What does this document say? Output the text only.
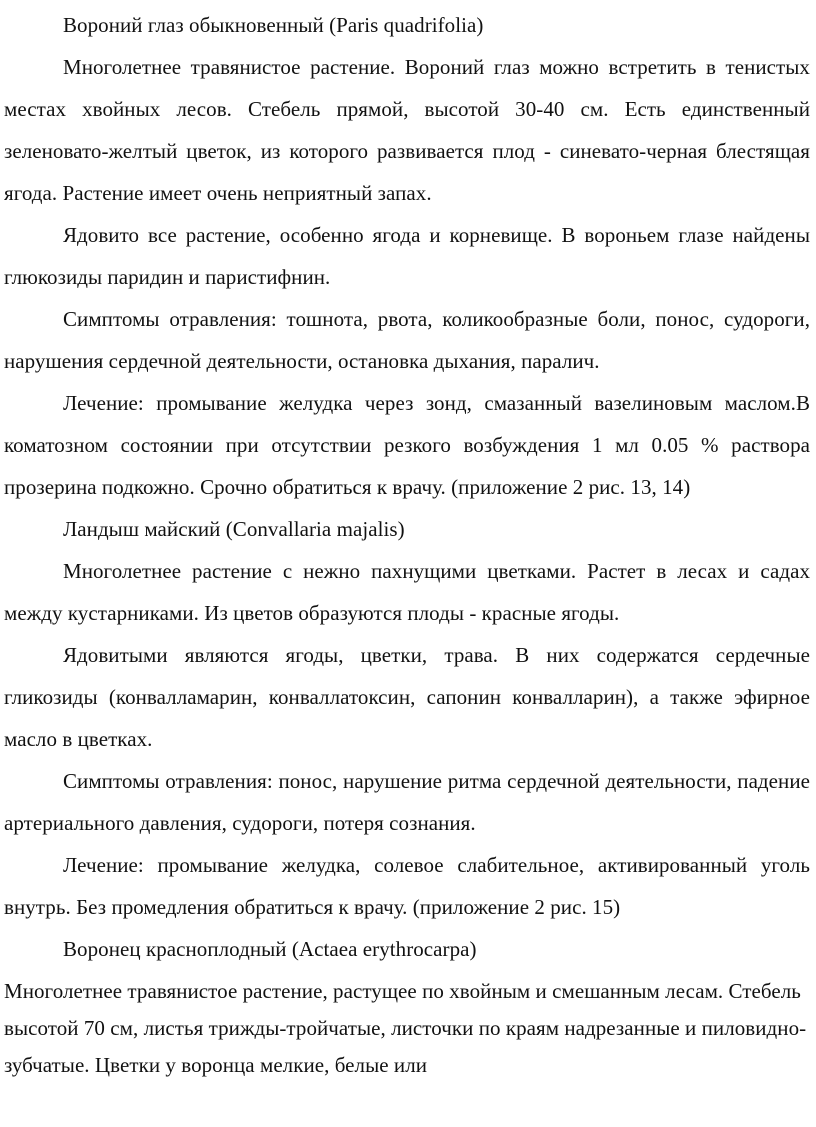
Вороний глаз обыкновенный (Paris quadrifolia)

Многолетнее травянистое растение. Вороний глаз можно встретить в тенистых местах хвойных лесов. Стебель прямой, высотой 30-40 см. Есть единственный зеленовато-желтый цветок, из которого развивается плод - синевато-черная блестящая ягода. Растение имеет очень неприятный запах.

Ядовито все растение, особенно ягода и корневище. В вороньем глазе найдены глюкозиды паридин и паристифнин.

Симптомы отравления: тошнота, рвота, коликообразные боли, понос, судороги, нарушения сердечной деятельности, остановка дыхания, паралич.

Лечение: промывание желудка через зонд, смазанный вазелиновым маслом.В коматозном состоянии при отсутствии резкого возбуждения 1 мл 0.05 % раствора прозерина подкожно. Срочно обратиться к врачу. (приложение 2 рис. 13, 14)

Ландыш майский (Convallaria majalis)

Многолетнее растение с нежно пахнущими цветками. Растет в лесах и садах между кустарниками. Из цветов образуются плоды - красные ягоды.

Ядовитыми являются ягоды, цветки, трава. В них содержатся сердечные гликозиды (конвалламарин, конваллатоксин, сапонин конвалларин), а также эфирное масло в цветках.

Симптомы отравления: понос, нарушение ритма сердечной деятельности, падение артериального давления, судороги, потеря сознания.

Лечение: промывание желудка, солевое слабительное, активированный уголь внутрь. Без промедления обратиться к врачу. (приложение 2 рис. 15)

Воронец красноплодный (Actaea erythrocarpa)

Многолетнее травянистое растение, растущее по хвойным и смешанным лесам. Стебель высотой 70 см, листья трижды-тройчатые, листочки по краям надрезанные и пиловидно-зубчатые. Цветки у воронца мелкие, белые или
